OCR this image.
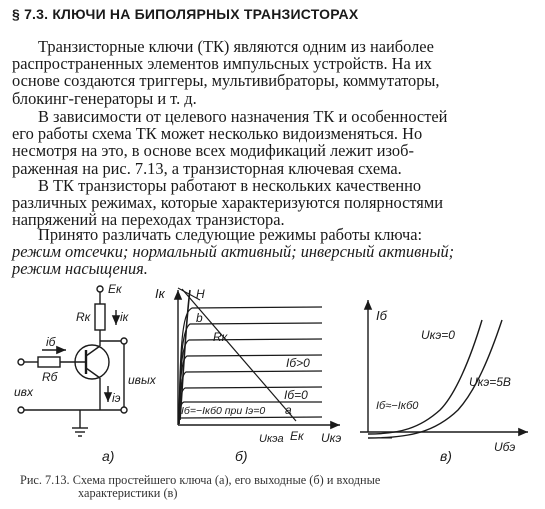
§ 7.3. КЛЮЧИ НА БИПОЛЯРНЫХ ТРАНЗИСТОРАХ

Транзисторные ключи (ТК) являются одним из наиболее
распространенных элементов импульсных устройств. На их
основе создаются триггеры, мультивибраторы, коммутаторы,
блокинг-генераторы и т. д.

В зависимости от целевого назначения ТК и особенностей
его работы схема ТК может несколько видоизменяться. Но
несмотря на это, в основе всех модификаций лежит изоб-
раженная на рис. 7.13, а транзисторная ключевая схема.

В ТК транзисторы работают в нескольких качественно
различных режимах, которые характеризуются полярностями
напряжений на переходах транзистора.

Принято различать следующие режимы работы ключа:
режим отсечки; нормальный активный; инверсный активный;
режим насыщения.

Eк
Rк iк
iб
Rб
uвх
uвых
iэ
а)
Iк
Uкэ
H
b
Rк
Iб>0
Iб=0
Iб=−Iкб0 при Iэ=0 a
Uкэа Eк
б)
Iб
Uбэ
Uкэ=0
Uкэ=5В
Iб≈−Iкб0
в)
Рис. 7.13. Схема простейшего ключа (а), его выходные (б) и входные
характеристики (в)
